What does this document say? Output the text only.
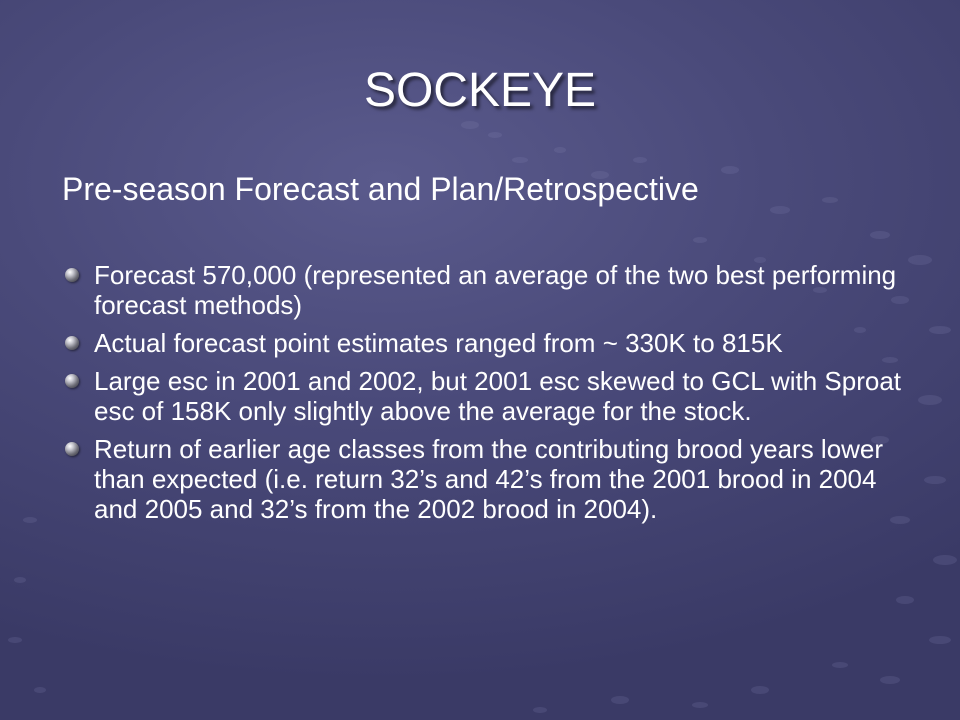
SOCKEYE
Pre-season Forecast and Plan/Retrospective
Forecast 570,000 (represented an average of the two best performing forecast methods)
Actual forecast point estimates ranged from ~ 330K to 815K
Large esc in 2001 and 2002, but 2001 esc skewed to GCL with Sproat esc of 158K only slightly above the average for the stock.
Return of earlier age classes from the contributing brood years lower than expected (i.e. return 32’s and 42’s from the 2001 brood in 2004 and 2005 and 32’s from the 2002 brood in 2004).
